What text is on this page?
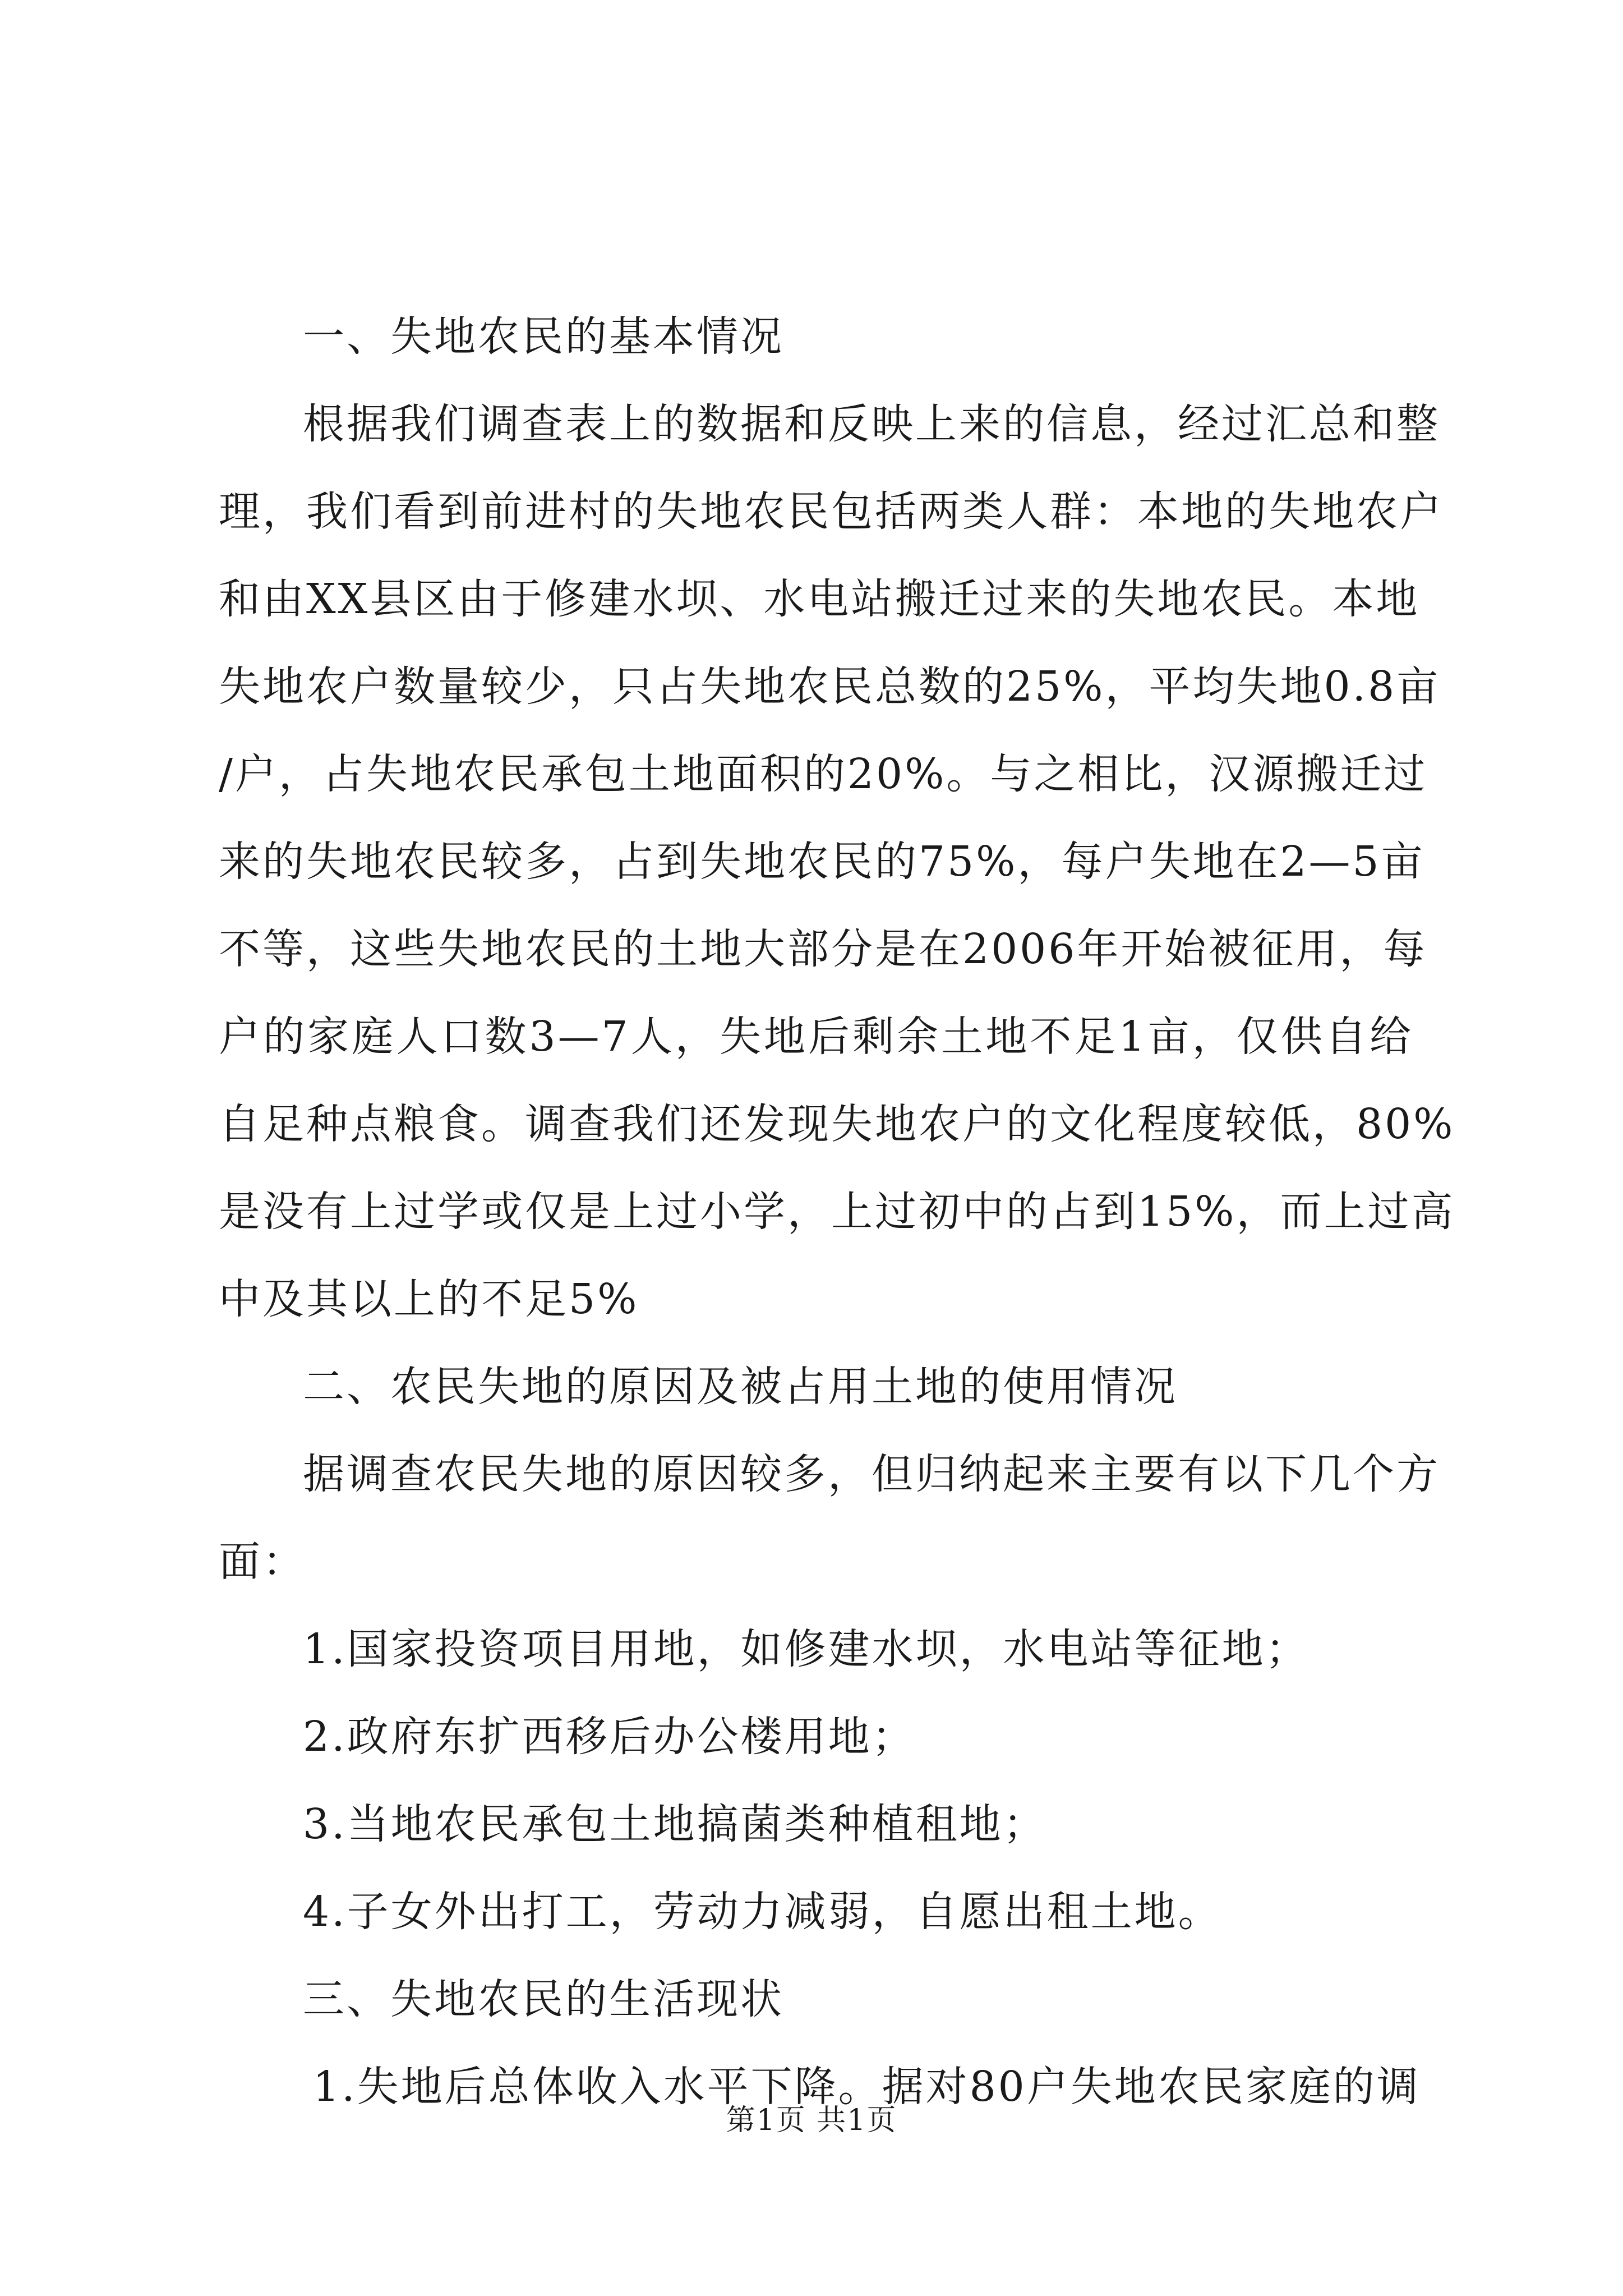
一、失地农民的基本情况
根据我们调查表上的数据和反映上来的信息，经过汇总和整
理，我们看到前进村的失地农民包括两类人群：本地的失地农户
和由XX县区由于修建水坝、水电站搬迁过来的失地农民。本地
失地农户数量较少，只占失地农民总数的25%，平均失地0.8亩
/户，占失地农民承包土地面积的20%。与之相比，汉源搬迁过
来的失地农民较多，占到失地农民的75%，每户失地在2—5亩
不等，这些失地农民的土地大部分是在2006年开始被征用，每
户的家庭人口数3—7人，失地后剩余土地不足1亩，仅供自给
自足种点粮食。调查我们还发现失地农户的文化程度较低，80%
是没有上过学或仅是上过小学，上过初中的占到15%，而上过高
中及其以上的不足5%
二、农民失地的原因及被占用土地的使用情况
据调查农民失地的原因较多，但归纳起来主要有以下几个方
面：
1.国家投资项目用地，如修建水坝，水电站等征地；
2.政府东扩西移后办公楼用地；
3.当地农民承包土地搞菌类种植租地；
4.子女外出打工，劳动力减弱，自愿出租土地。
三、失地农民的生活现状
1.失地后总体收入水平下降。据对80户失地农民家庭的调
第1页 共1页
